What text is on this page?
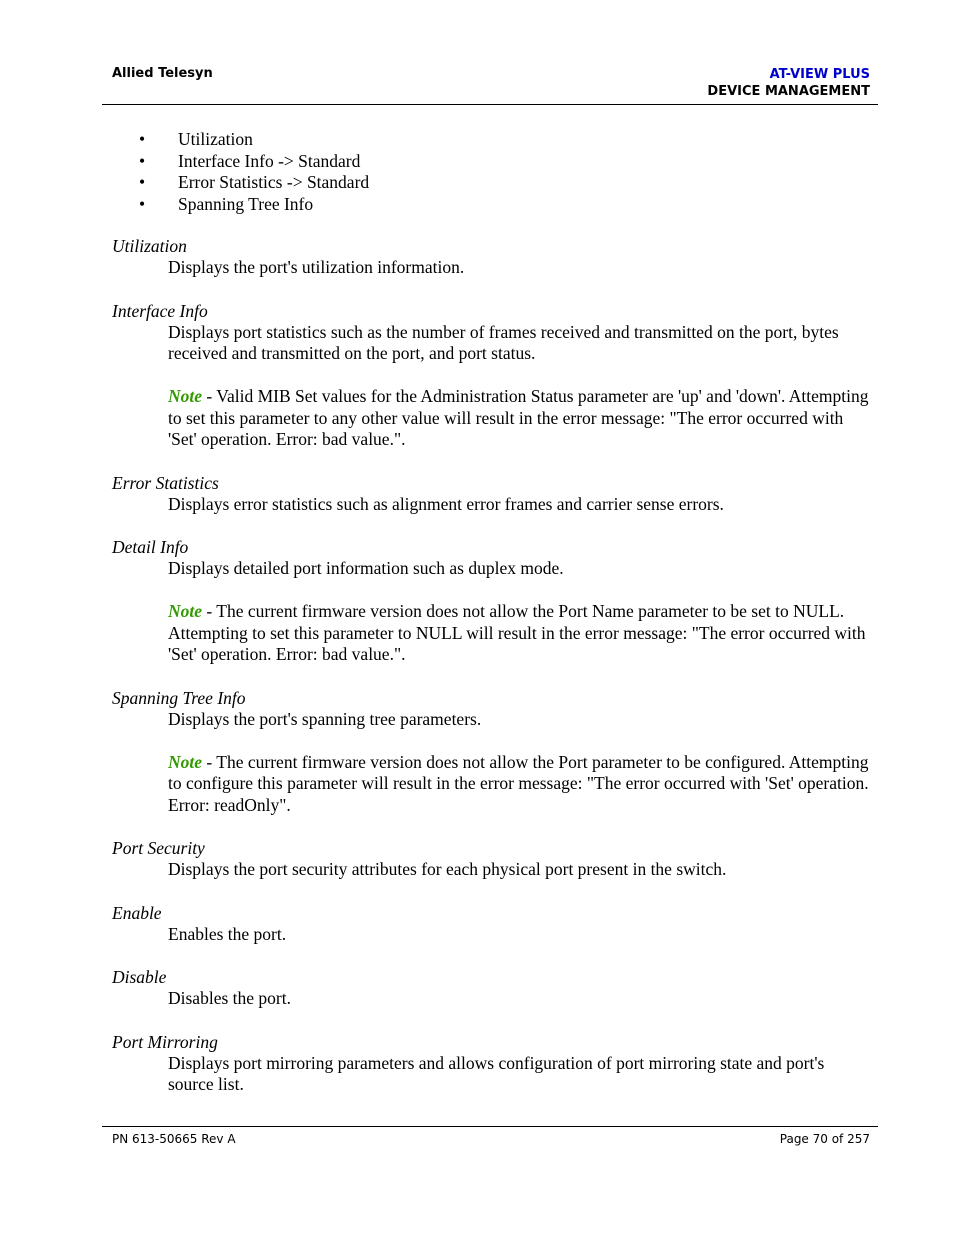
Allied Telesyn	AT-VIEW PLUS
DEVICE MANAGEMENT
• Utilization
• Interface Info -> Standard
• Error Statistics -> Standard
• Spanning Tree Info
Utilization
Displays the port's utilization information.
Interface Info
Displays port statistics such as the number of frames received and transmitted on the port, bytes received and transmitted on the port, and port status.
Note - Valid MIB Set values for the Administration Status parameter are 'up' and 'down'. Attempting to set this parameter to any other value will result in the error message: "The error occurred with 'Set' operation. Error: bad value.".
Error Statistics
Displays error statistics such as alignment error frames and carrier sense errors.
Detail Info
Displays detailed port information such as duplex mode.
Note - The current firmware version does not allow the Port Name parameter to be set to NULL. Attempting to set this parameter to NULL will result in the error message: "The error occurred with 'Set' operation. Error: bad value.".
Spanning Tree Info
Displays the port's spanning tree parameters.
Note - The current firmware version does not allow the Port parameter to be configured. Attempting to configure this parameter will result in the error message: "The error occurred with 'Set' operation. Error: readOnly".
Port Security
Displays the port security attributes for each physical port present in the switch.
Enable
Enables the port.
Disable
Disables the port.
Port Mirroring
Displays port mirroring parameters and allows configuration of port mirroring state and port's source list.
PN 613-50665 Rev A	Page 70 of 257
